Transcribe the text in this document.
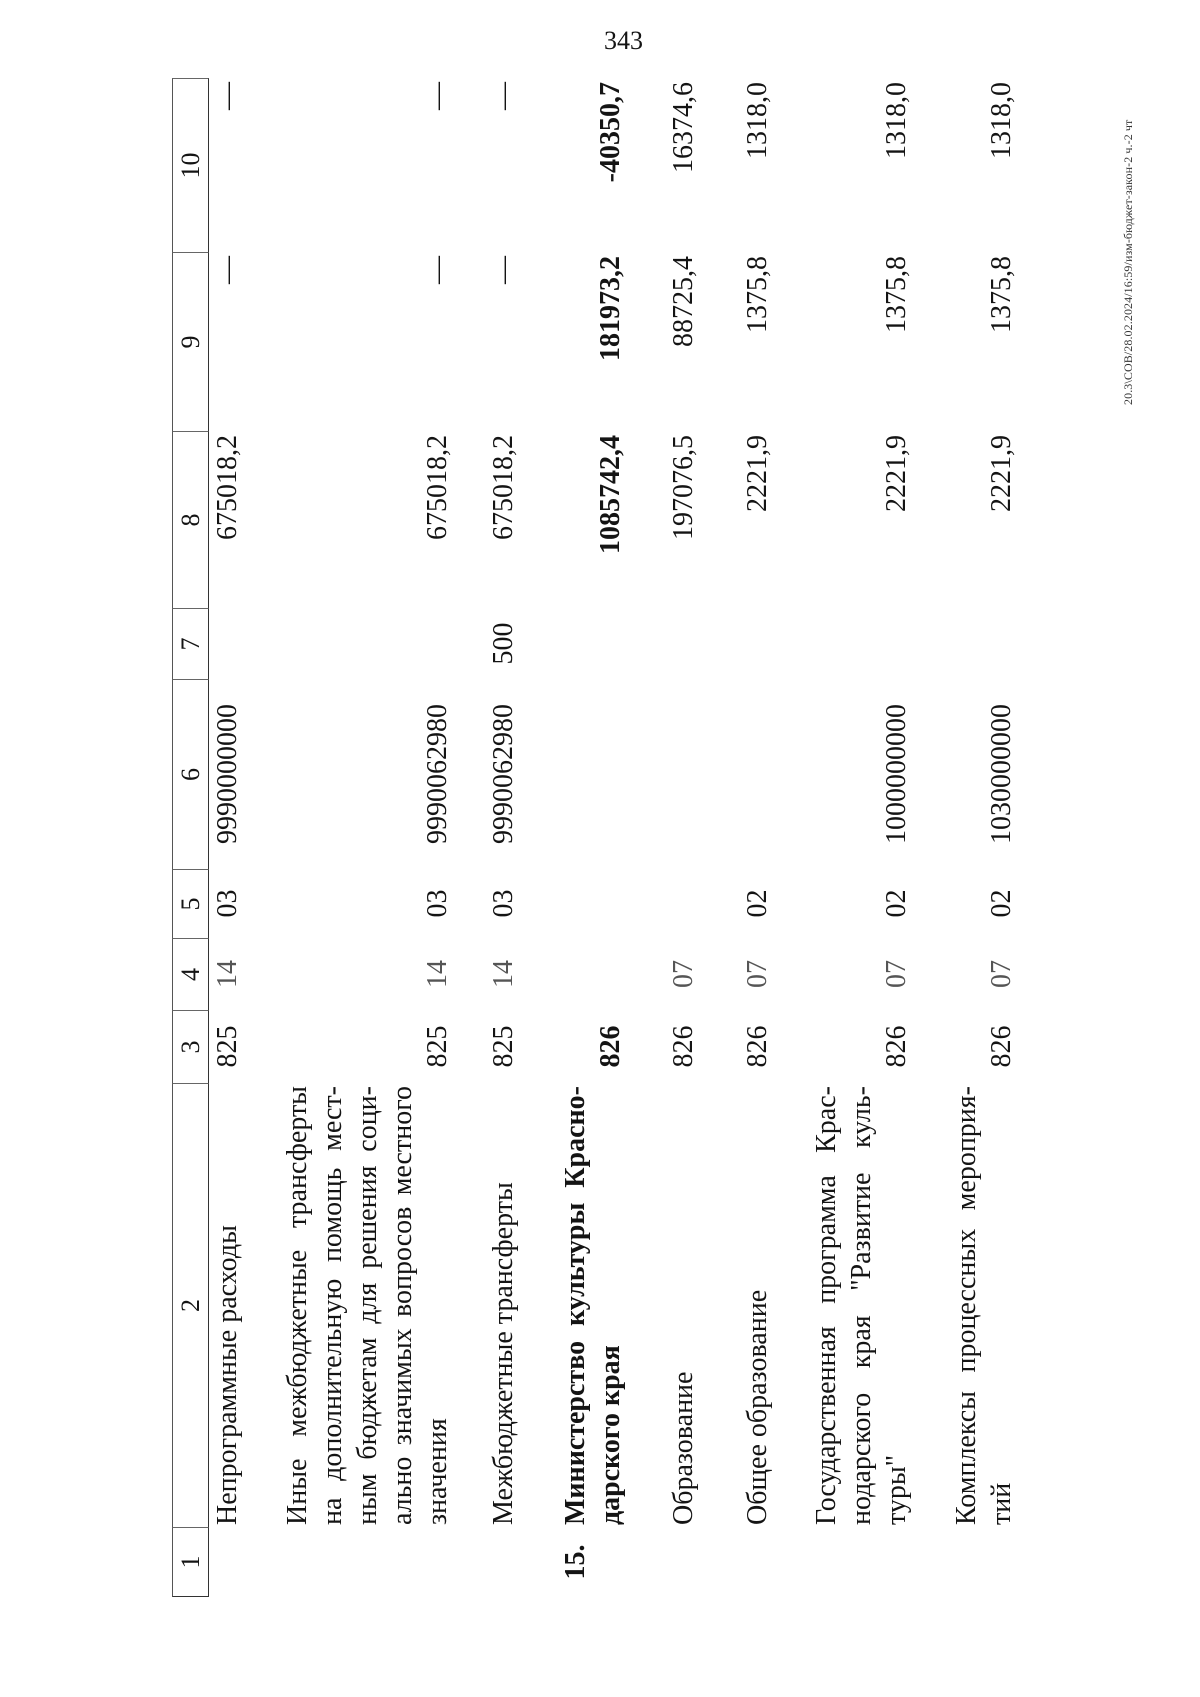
343
1
2
3
4
5
6
7
8
9
10
Непрограммные расходы
825
14
03
9990000000
675018,2
—
—
Иные межбюджетные трансферты на дополнительную помощь мест- ным бюджетам для решения соци- ально значимых вопросов местного значения
825
14
03
9990062980
675018,2
—
—
Межбюджетные трансферты
825
14
03
9990062980
500
675018,2
—
—
15.
Министерство культуры Красно- дарского края
826
1085742,4
181973,2
-40350,7
Образование
826
07
197076,5
88725,4
16374,6
Общее образование
826
07
02
2221,9
1375,8
1318,0
Государственная программа Крас- нодарского края "Развитие куль- туры"
826
07
02
1000000000
2221,9
1375,8
1318,0
Комплексы процессных мероприя- тий
826
07
02
1030000000
2221,9
1375,8
1318,0	20.3\СОВ/28.02.2024/16:59/изм-бюджет-закон-2 ч.-2 чт
